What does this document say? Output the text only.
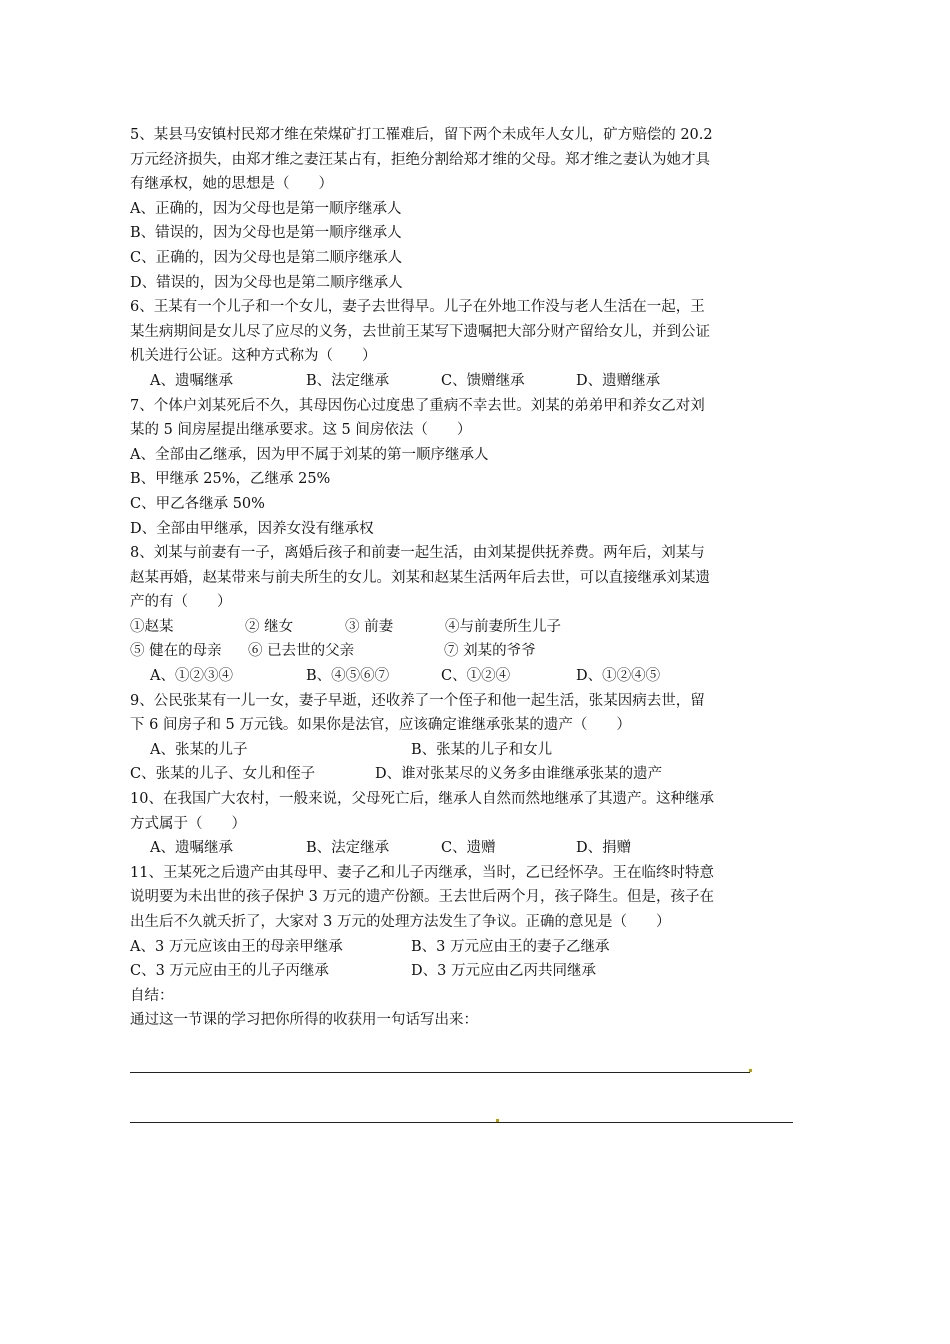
5、某县马安镇村民郑才维在荣煤矿打工罹难后，留下两个未成年人女儿，矿方赔偿的 20.2
万元经济损失，由郑才维之妻汪某占有，拒绝分割给郑才维的父母。郑才维之妻认为她才具
有继承权，她的思想是（　　）
A、正确的，因为父母也是第一顺序继承人
B、错误的，因为父母也是第一顺序继承人
C、正确的，因为父母也是第二顺序继承人
D、错误的，因为父母也是第二顺序继承人
6、王某有一个儿子和一个女儿，妻子去世得早。儿子在外地工作没与老人生活在一起，王
某生病期间是女儿尽了应尽的义务，去世前王某写下遗嘱把大部分财产留给女儿，并到公证
机关进行公证。这种方式称为（　　）
A、遗嘱继承	B、法定继承	C、馈赠继承	D、遗赠继承
7、个体户刘某死后不久，其母因伤心过度患了重病不幸去世。刘某的弟弟甲和养女乙对刘
某的 5 间房屋提出继承要求。这 5 间房依法（　　）
A、全部由乙继承，因为甲不属于刘某的第一顺序继承人
B、甲继承 25%，乙继承 25%
C、甲乙各继承 50%
D、全部由甲继承，因养女没有继承权
8、刘某与前妻有一子，离婚后孩子和前妻一起生活，由刘某提供抚养费。两年后，刘某与
赵某再婚，赵某带来与前夫所生的女儿。刘某和赵某生活两年后去世，可以直接继承刘某遗
产的有（　　）
①赵某	② 继女	③ 前妻	④与前妻所生儿子
⑤ 健在的母亲 ⑥ 已去世的父亲	⑦ 刘某的爷爷
A、①②③④	B、④⑤⑥⑦	C、①②④	D、①②④⑤
9、公民张某有一儿一女，妻子早逝，还收养了一个侄子和他一起生活，张某因病去世，留
下 6 间房子和 5 万元钱。如果你是法官，应该确定谁继承张某的遗产（　　）
A、张某的儿子	B、张某的儿子和女儿
C、张某的儿子、女儿和侄子	D、谁对张某尽的义务多由谁继承张某的遗产
10、在我国广大农村，一般来说，父母死亡后，继承人自然而然地继承了其遗产。这种继承
方式属于（　　）
A、遗嘱继承	B、法定继承	C、遗赠	D、捐赠
11、王某死之后遗产由其母甲、妻子乙和儿子丙继承，当时，乙已经怀孕。王在临终时特意
说明要为未出世的孩子保护 3 万元的遗产份额。王去世后两个月，孩子降生。但是，孩子在
出生后不久就夭折了，大家对 3 万元的处理方法发生了争议。正确的意见是（　　）
A、3 万元应该由王的母亲甲继承	B、3 万元应由王的妻子乙继承
C、3 万元应由王的儿子丙继承	D、3 万元应由乙丙共同继承
自结：
通过这一节课的学习把你所得的收获用一句话写出来：
